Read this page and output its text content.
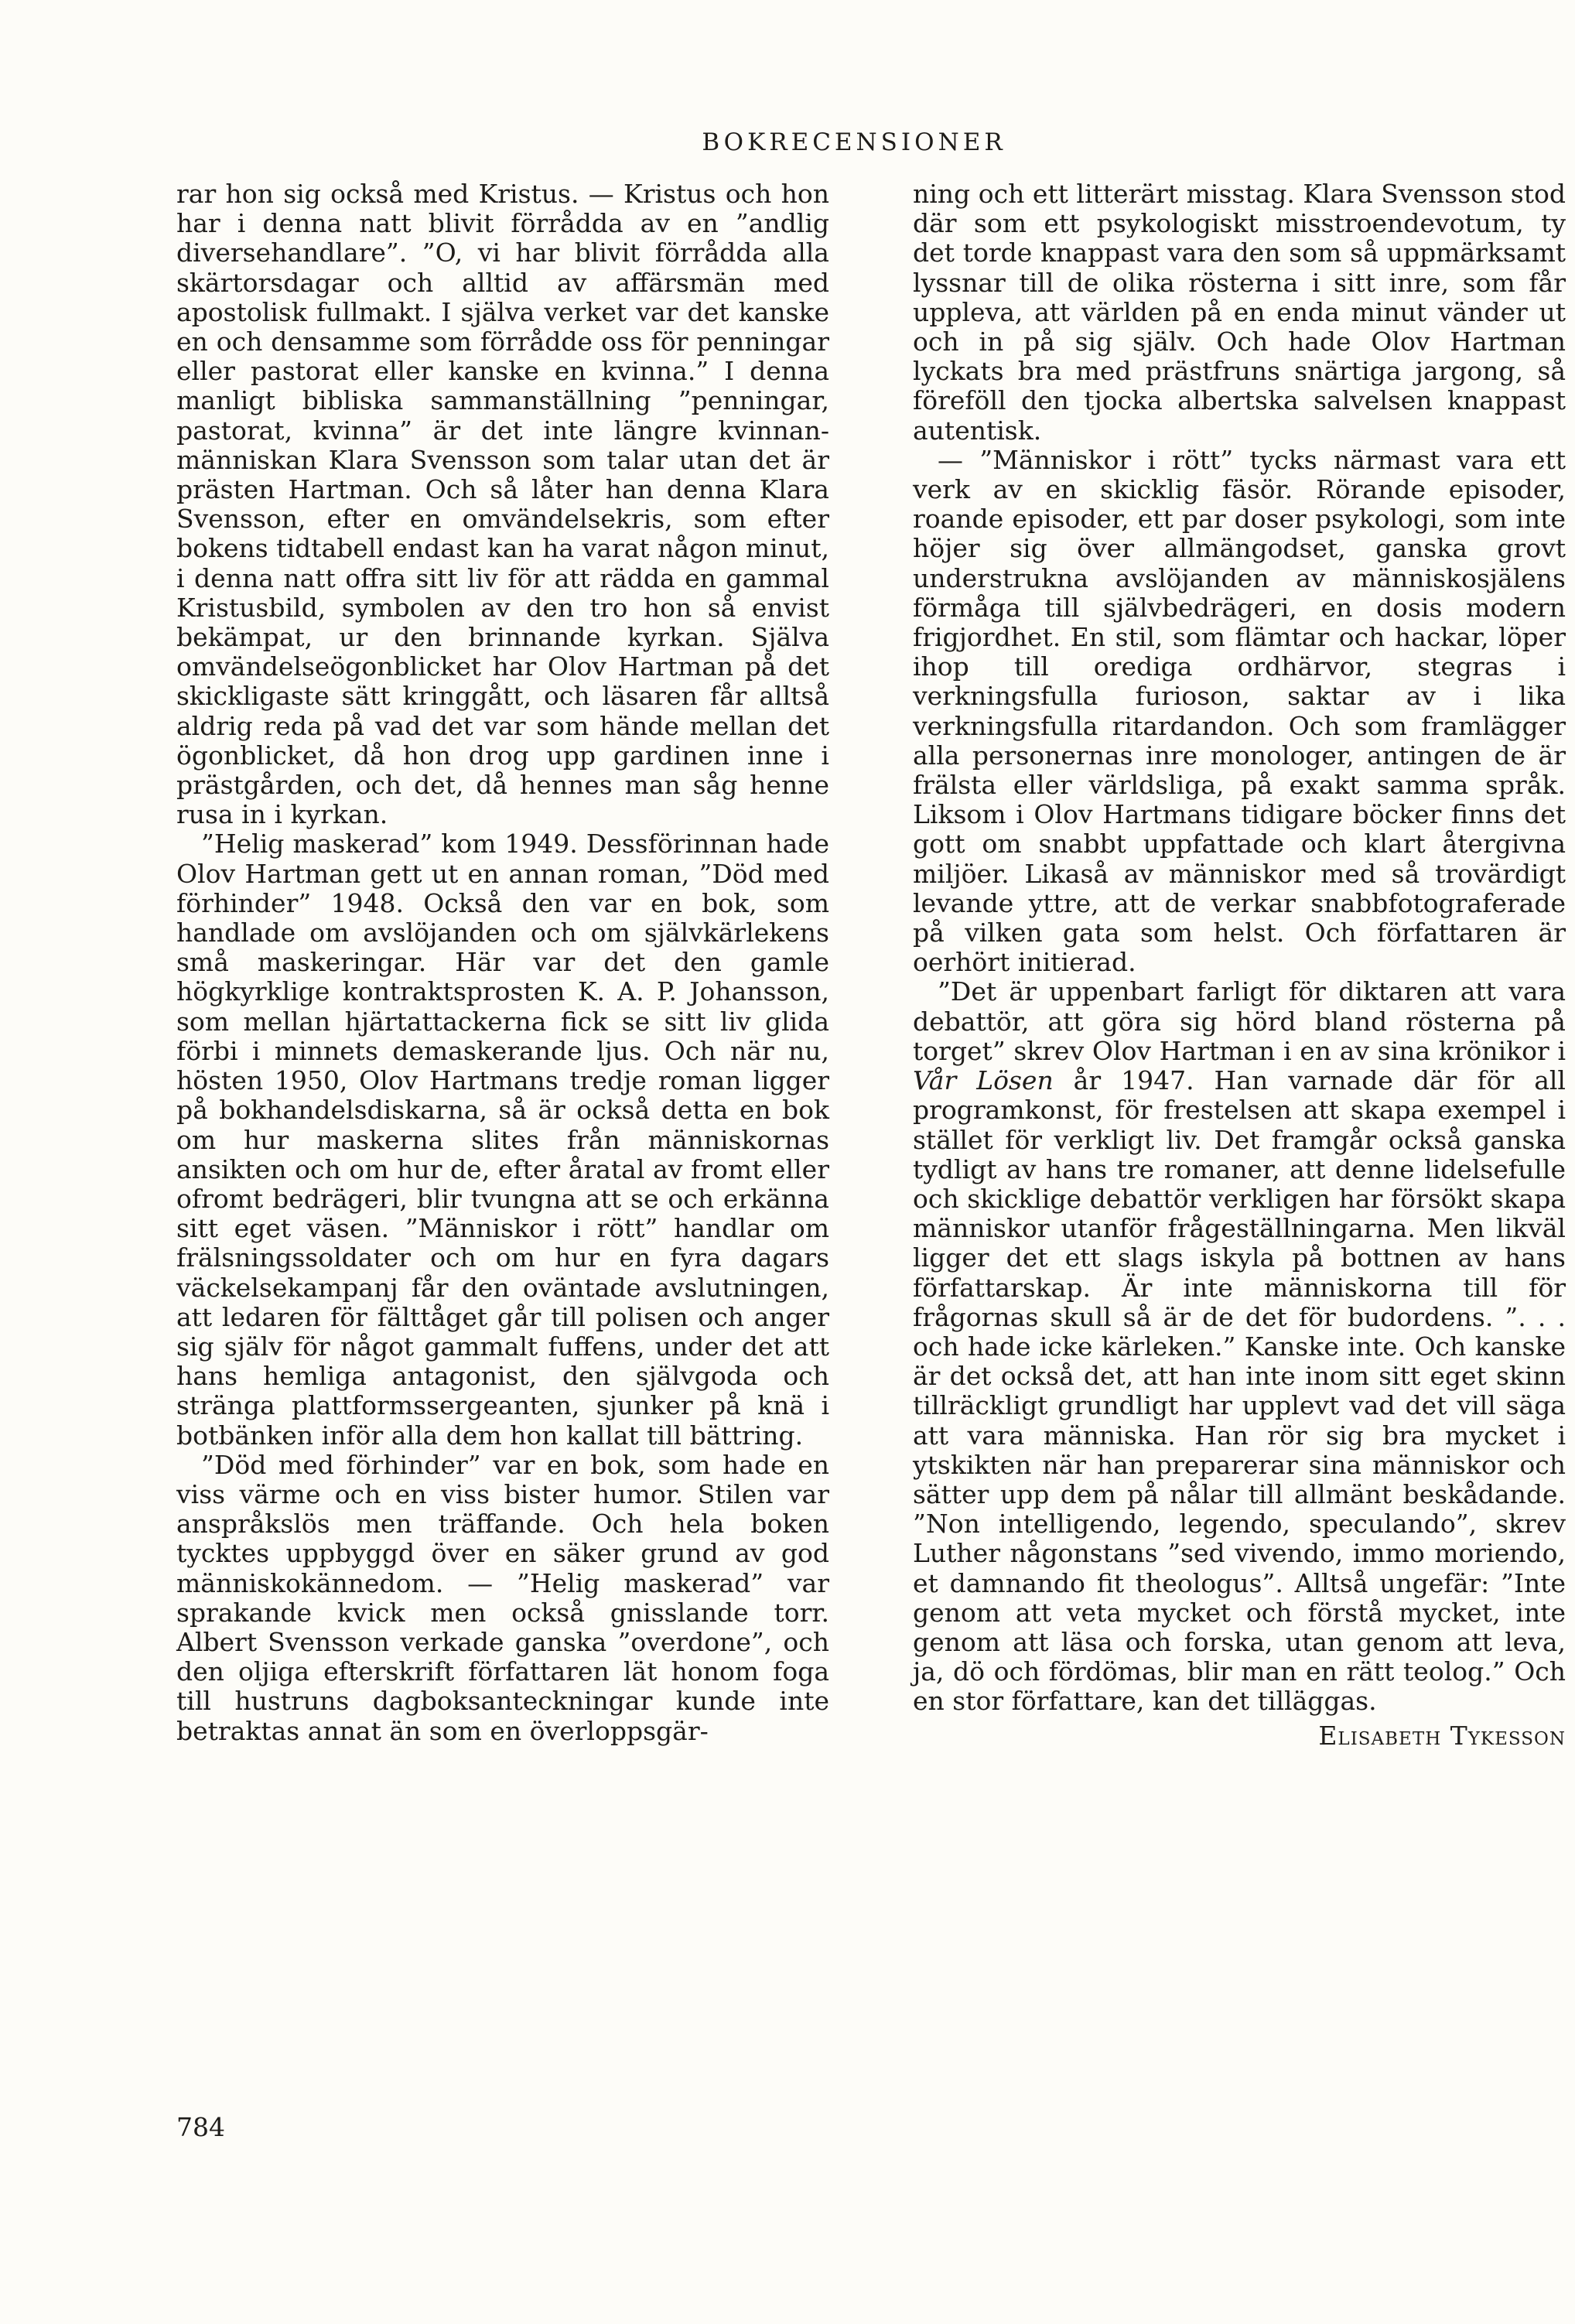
BOKRECENSIONER

rar hon sig också med Kristus. — Kristus och hon har i denna natt blivit förrådda av en ”andlig diversehandlare”. ”O, vi har blivit förrådda alla skärtorsdagar och alltid av affärsmän med apostolisk fullmakt. I själva verket var det kanske en och densamme som förrådde oss för penningar eller pastorat eller kanske en kvinna.” I denna manligt bibliska sammanställning ”penningar, pastorat, kvinna” är det inte längre kvinnan-människan Klara Svensson som talar utan det är prästen Hartman. Och så låter han denna Klara Svensson, efter en omvändelsekris, som efter bokens tidtabell endast kan ha varat någon minut, i denna natt offra sitt liv för att rädda en gammal Kristusbild, symbolen av den tro hon så envist bekämpat, ur den brinnande kyrkan. Själva omvändelseögonblicket har Olov Hartman på det skickligaste sätt kringgått, och läsaren får alltså aldrig reda på vad det var som hände mellan det ögonblicket, då hon drog upp gardinen inne i prästgården, och det, då hennes man såg henne rusa in i kyrkan.

”Helig maskerad” kom 1949. Dessförinnan hade Olov Hartman gett ut en annan roman, ”Död med förhinder” 1948. Också den var en bok, som handlade om avslöjanden och om självkärlekens små maskeringar. Här var det den gamle högkyrklige kontraktsprosten K. A. P. Johansson, som mellan hjärtattackerna fick se sitt liv glida förbi i minnets demaskerande ljus. Och när nu, hösten 1950, Olov Hartmans tredje roman ligger på bokhandelsdiskarna, så är också detta en bok om hur maskerna slites från människornas ansikten och om hur de, efter åratal av fromt eller ofromt bedrägeri, blir tvungna att se och erkänna sitt eget väsen. ”Människor i rött” handlar om frälsningssoldater och om hur en fyra dagars väckelsekampanj får den oväntade avslutningen, att ledaren för fälttåget går till polisen och anger sig själv för något gammalt fuffens, under det att hans hemliga antagonist, den självgoda och stränga plattformssergeanten, sjunker på knä i botbänken inför alla dem hon kallat till bättring.

”Död med förhinder” var en bok, som hade en viss värme och en viss bister humor. Stilen var anspråkslös men träffande. Och hela boken tycktes uppbyggd över en säker grund av god människokännedom. — ”Helig maskerad” var sprakande kvick men också gnisslande torr. Albert Svensson verkade ganska ”overdone”, och den oljiga efterskrift författaren lät honom foga till hustruns dagboksanteckningar kunde inte betraktas annat än som en överloppsgär-

ning och ett litterärt misstag. Klara Svensson stod där som ett psykologiskt misstroendevotum, ty det torde knappast vara den som så uppmärksamt lyssnar till de olika rösterna i sitt inre, som får uppleva, att världen på en enda minut vänder ut och in på sig själv. Och hade Olov Hartman lyckats bra med prästfruns snärtiga jargong, så föreföll den tjocka albertska salvelsen knappast autentisk.

— ”Människor i rött” tycks närmast vara ett verk av en skicklig fäsör. Rörande episoder, roande episoder, ett par doser psykologi, som inte höjer sig över allmängodset, ganska grovt understrukna avslöjanden av människosjälens förmåga till självbedrägeri, en dosis modern frigjordhet. En stil, som flämtar och hackar, löper ihop till orediga ordhärvor, stegras i verkningsfulla furioson, saktar av i lika verkningsfulla ritardandon. Och som framlägger alla personernas inre monologer, antingen de är frälsta eller världsliga, på exakt samma språk. Liksom i Olov Hartmans tidigare böcker finns det gott om snabbt uppfattade och klart återgivna miljöer. Likaså av människor med så trovärdigt levande yttre, att de verkar snabbfotograferade på vilken gata som helst. Och författaren är oerhört initierad.

”Det är uppenbart farligt för diktaren att vara debattör, att göra sig hörd bland rösterna på torget” skrev Olov Hartman i en av sina krönikor i Vår Lösen år 1947. Han varnade där för all programkonst, för frestelsen att skapa exempel i stället för verkligt liv. Det framgår också ganska tydligt av hans tre romaner, att denne lidelsefulle och skicklige debattör verkligen har försökt skapa människor utanför frågeställningarna. Men likväl ligger det ett slags iskyla på bottnen av hans författarskap. Är inte människorna till för frågornas skull så är de det för budordens. ”. . . och hade icke kärleken.” Kanske inte. Och kanske är det också det, att han inte inom sitt eget skinn tillräckligt grundligt har upplevt vad det vill säga att vara människa. Han rör sig bra mycket i ytskikten när han preparerar sina människor och sätter upp dem på nålar till allmänt beskådande. ”Non intelligendo, legendo, speculando”, skrev Luther någonstans ”sed vivendo, immo moriendo, et damnando fit theologus”. Alltså ungefär: ”Inte genom att veta mycket och förstå mycket, inte genom att läsa och forska, utan genom att leva, ja, dö och fördömas, blir man en rätt teolog.” Och en stor författare, kan det tilläggas.

Elisabeth Tykesson

784
